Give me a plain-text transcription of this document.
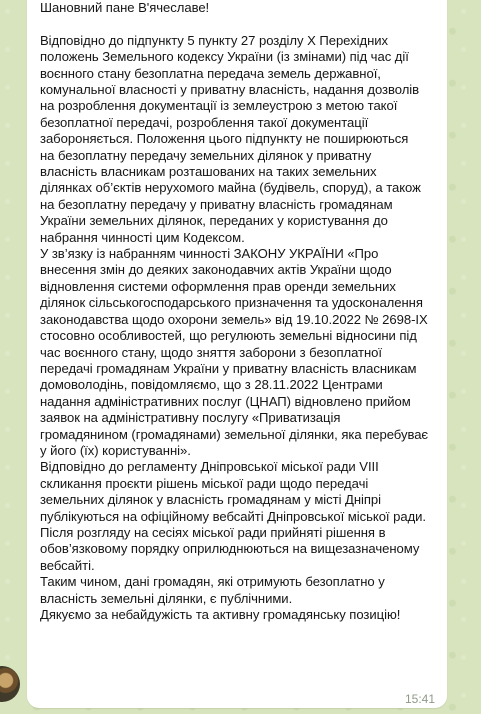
Шановний пане В'ячеславе!
Відповідно до підпункту 5 пункту 27 розділу X Перехідних
положень Земельного кодексу України (із змінами) під час дії
воєнного стану безоплатна передача земель державної,
комунальної власності у приватну власність, надання дозволів
на розроблення документації із землеустрою з метою такої
безоплатної передачі, розроблення такої документації
забороняється. Положення цього підпункту не поширюються
на безоплатну передачу земельних ділянок у приватну
власність власникам розташованих на таких земельних
ділянках об’єктів нерухомого майна (будівель, споруд), а також
на безоплатну передачу у приватну власність громадянам
України земельних ділянок, переданих у користування до
набрання чинності цим Кодексом.
У зв’язку із набранням чинності ЗАКОНУ УКРАЇНИ «Про
внесення змін до деяких законодавчих актів України щодо
відновлення системи оформлення прав оренди земельних
ділянок сільськогосподарського призначення та удосконалення
законодавства щодо охорони земель» від 19.10.2022 № 2698-IX
стосовно особливостей, що регулюють земельні відносини під
час воєнного стану, щодо зняття заборони з безоплатної
передачі громадянам України у приватну власність власникам
домоволодінь, повідомляємо, що з 28.11.2022 Центрами
надання адміністративних послуг (ЦНАП) відновлено прийом
заявок на адміністративну послугу «Приватизація
громадянином (громадянами) земельної ділянки, яка перебуває
у його (їх) користуванні».
Відповідно до регламенту Дніпровської міської ради VIII
скликання проєкти рішень міської ради щодо передачі
земельних ділянок у власність громадянам у місті Дніпрі
публікуються на офіційному вебсайті Дніпровської міської ради.
Після розгляду на сесіях міської ради прийняті рішення в
обов’язковому порядку оприлюднюються на вищезазначеному
вебсайті.
Таким чином, дані громадян, які отримують безоплатно у
власність земельні ділянки, є публічними.
Дякуємо за небайдужість та активну громадянську позицію!
15:41
